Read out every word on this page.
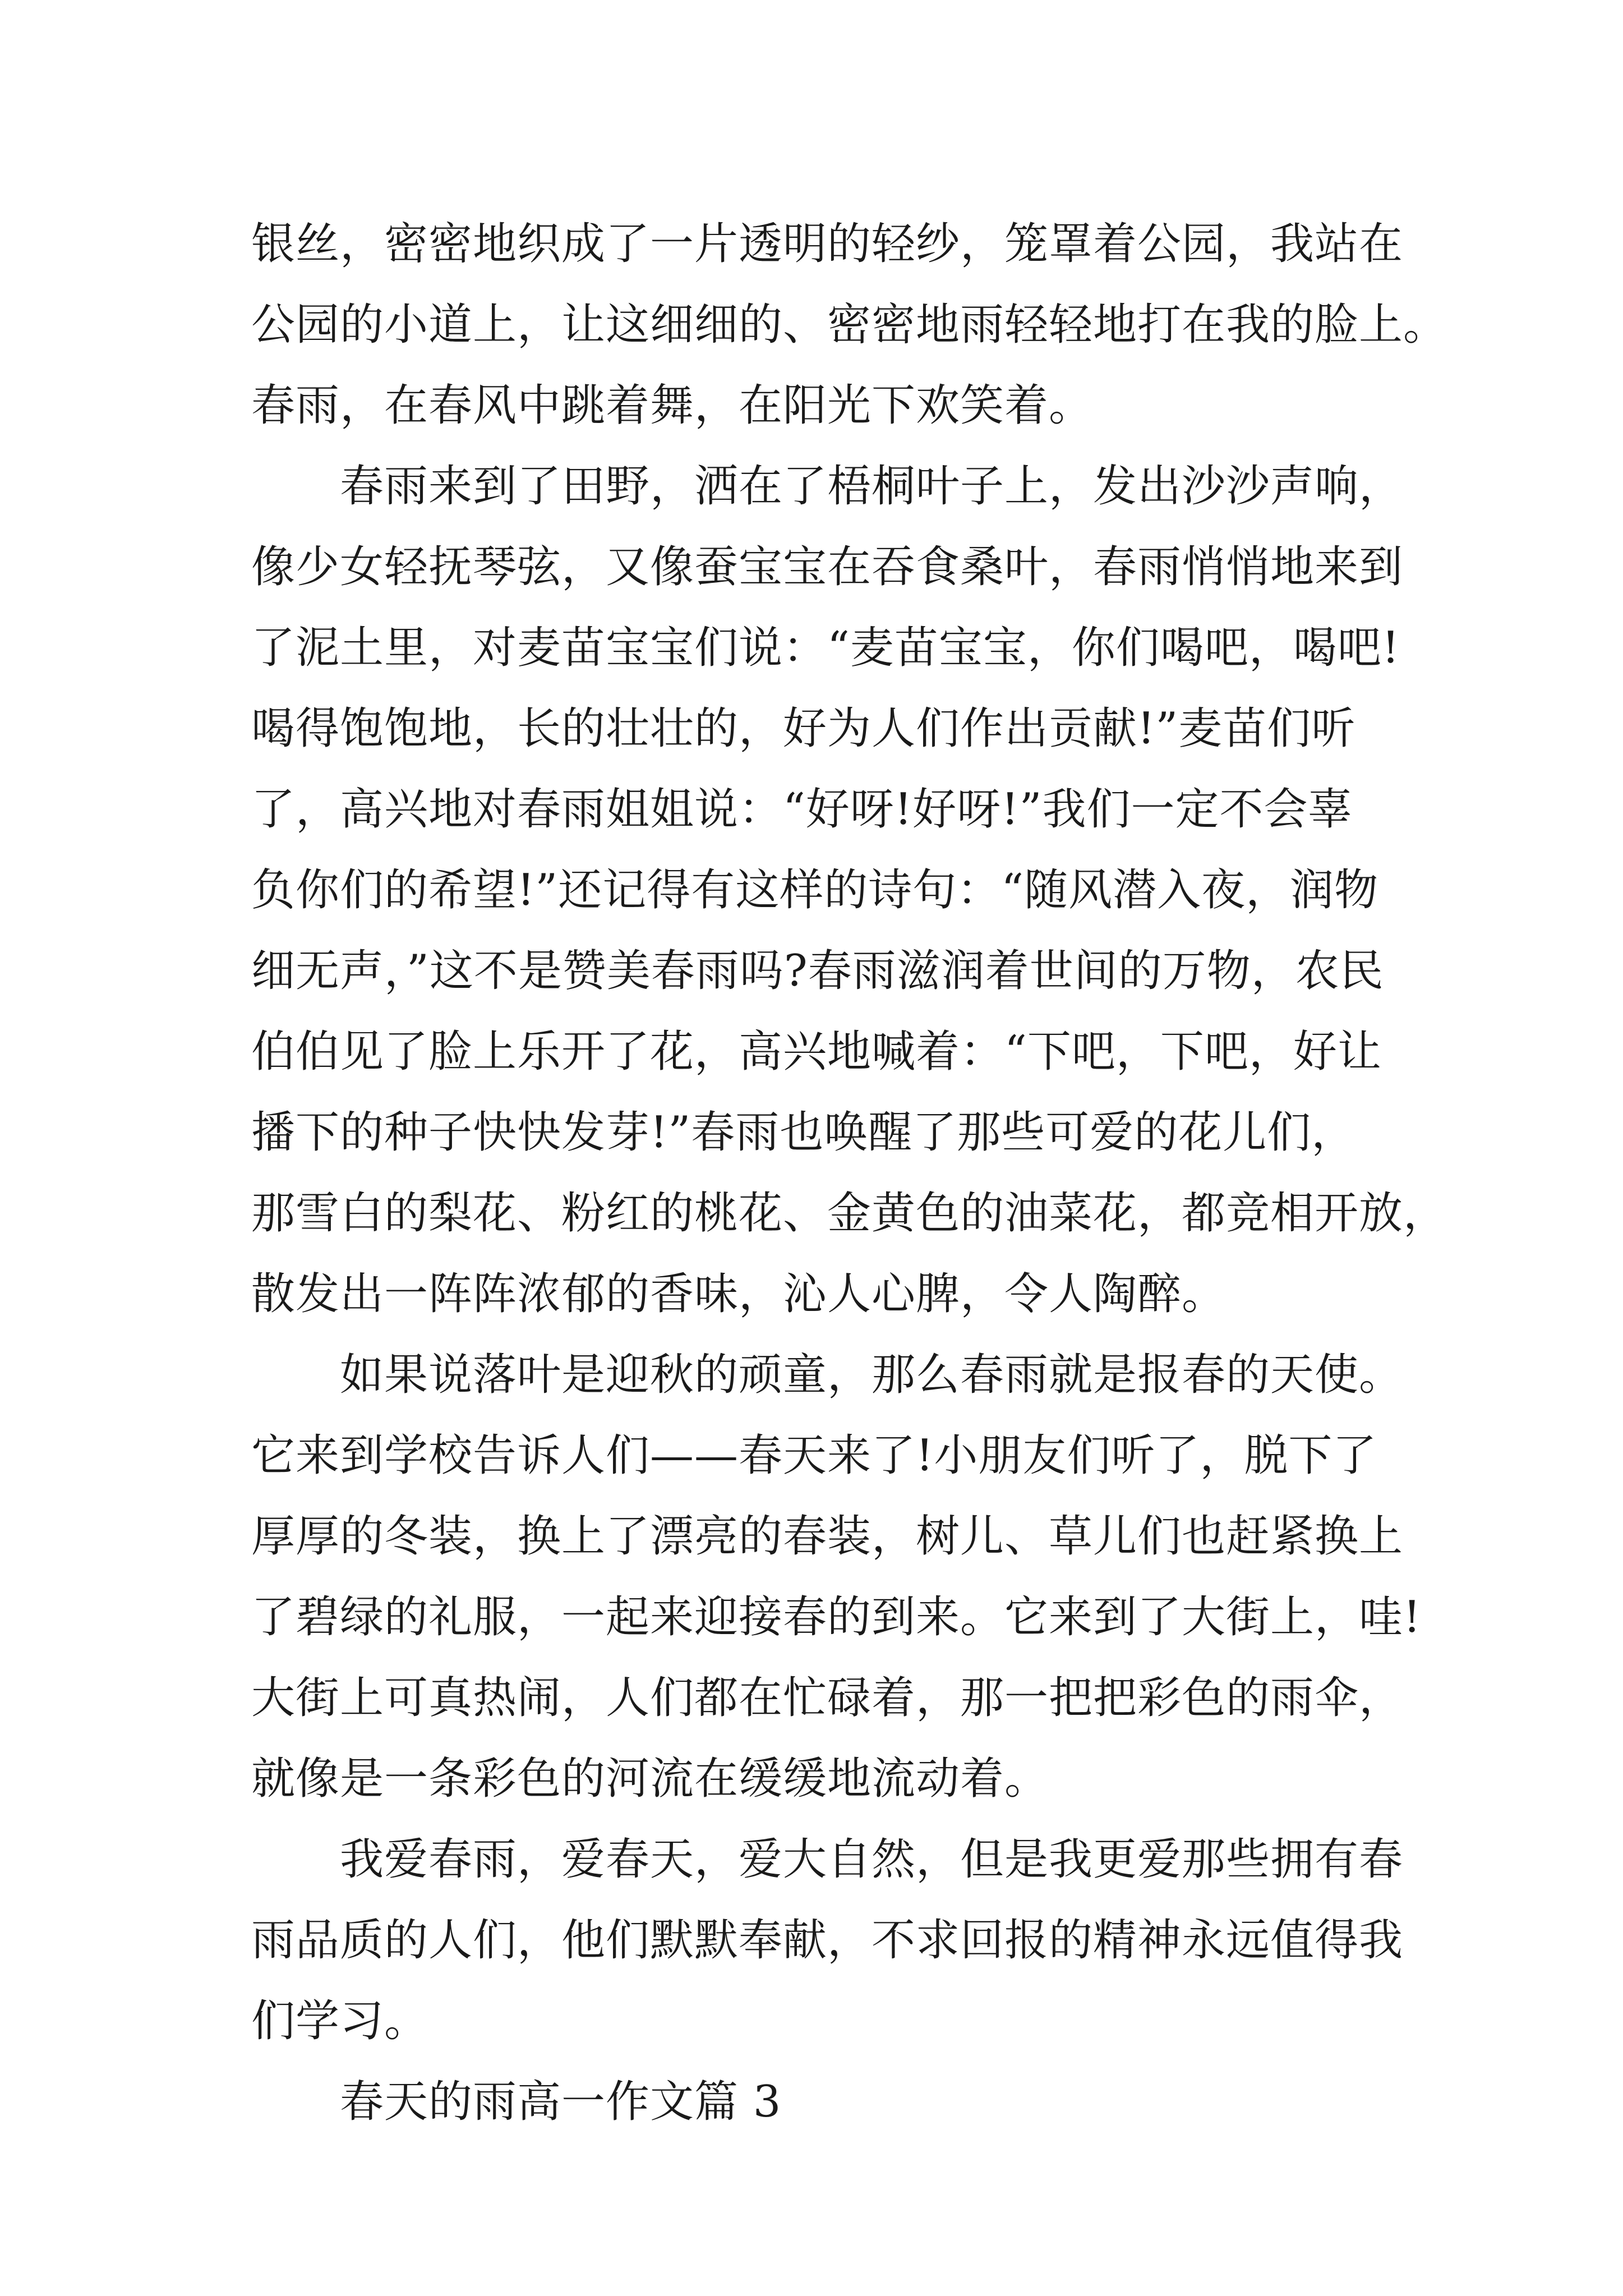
银丝，密密地织成了一片透明的轻纱，笼罩着公园，我站在
公园的小道上，让这细细的、密密地雨轻轻地打在我的脸上。
春雨，在春风中跳着舞，在阳光下欢笑着。
春雨来到了田野，洒在了梧桐叶子上，发出沙沙声响，
像少女轻抚琴弦，又像蚕宝宝在吞食桑叶，春雨悄悄地来到
了泥土里，对麦苗宝宝们说：“麦苗宝宝，你们喝吧，喝吧!
喝得饱饱地，长的壮壮的，好为人们作出贡献!”麦苗们听
了，高兴地对春雨姐姐说：“好呀!好呀!”我们一定不会辜
负你们的希望!”还记得有这样的诗句：“随风潜入夜，润物
细无声，”这不是赞美春雨吗?春雨滋润着世间的万物，农民
伯伯见了脸上乐开了花，高兴地喊着：“下吧，下吧，好让
播下的种子快快发芽!”春雨也唤醒了那些可爱的花儿们，
那雪白的梨花、粉红的桃花、金黄色的油菜花，都竞相开放，
散发出一阵阵浓郁的香味，沁人心脾，令人陶醉。
如果说落叶是迎秋的顽童，那么春雨就是报春的天使。
它来到学校告诉人们——春天来了!小朋友们听了，脱下了
厚厚的冬装，换上了漂亮的春装，树儿、草儿们也赶紧换上
了碧绿的礼服，一起来迎接春的到来。它来到了大街上，哇!
大街上可真热闹，人们都在忙碌着，那一把把彩色的雨伞，
就像是一条彩色的河流在缓缓地流动着。
我爱春雨，爱春天，爱大自然，但是我更爱那些拥有春
雨品质的人们，他们默默奉献，不求回报的精神永远值得我
们学习。
春天的雨高一作文篇 3
